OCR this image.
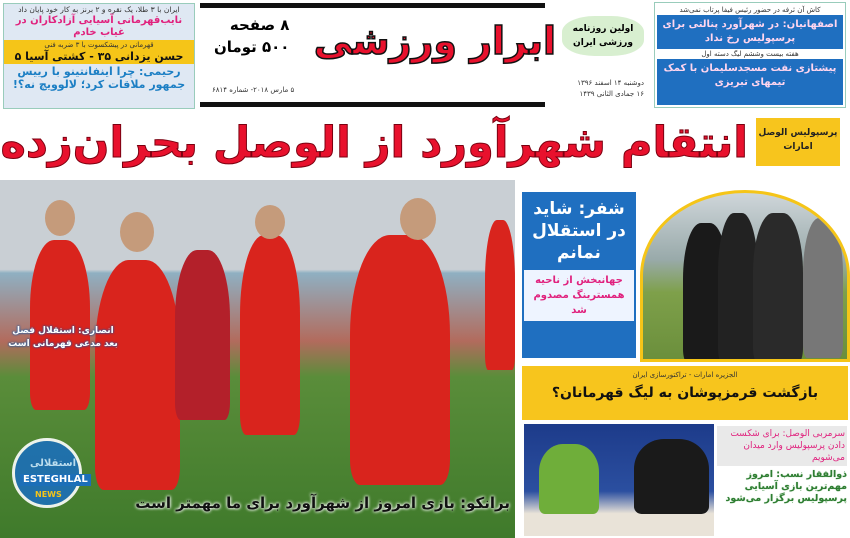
ایران با ۳ طلا، یک نقره و ۲ برنز به کار خود پایان داد
نایب‌قهرمانی آسیایی آزادکاران در غیاب خادم
قهرمانی در پیشکسوت با ۳ ضربه فنی
حسن یزدانی ۳۵ - کشتی آسیا ۵
رحیمی: چرا اینفانتینو با رییس جمهور ملاقات کرد؛ لالوویچ نه؟!
۸ صفحه
۵۰۰ تومان
۵ مارس ۲۰۱۸- شماره ۶۸۱۴
ابرار ورزشی	اولین روزنامه ورزشی ایران
دوشنبه ۱۴ اسفند ۱۳۹۶
۱۶ جمادی الثانی ۱۴۳۹
کاش آن ثرفه در حضور رئیس فیفا پرتاب نمی‌شد
اصفهانیان: در شهرآورد پنالتی برای پرسپولیس رخ نداد
هفته بیست وششم لیگ دسته اول
پیشتازی نفت مسجدسلیمان با کمک تیمهای تبریزی
پرسپولیس الوصل امارات
انتقام شهرآورد از الوصل بحران‌زده
انصاری: استقلال فصل بعد مدعی قهرمانی است
استقلالی
ESTEGHLAL
NEWS	برانکو: بازی امروز از شهرآورد برای ما مهمتر است
شفر: شاید در استقلال نمانم
جهانبخش از ناحیه همسترینگ مصدوم شد
الجزیره امارات - تراکتورسازی ایران
بازگشت قرمزپوشان به لیگ قهرمانان؟
سرمربی الوصل: برای شکست دادن پرسپولیس وارد میدان می‌شویم
ذوالفقار نسب: امروز مهم‌ترین بازی آسیایی پرسپولیس برگزار می‌شود
